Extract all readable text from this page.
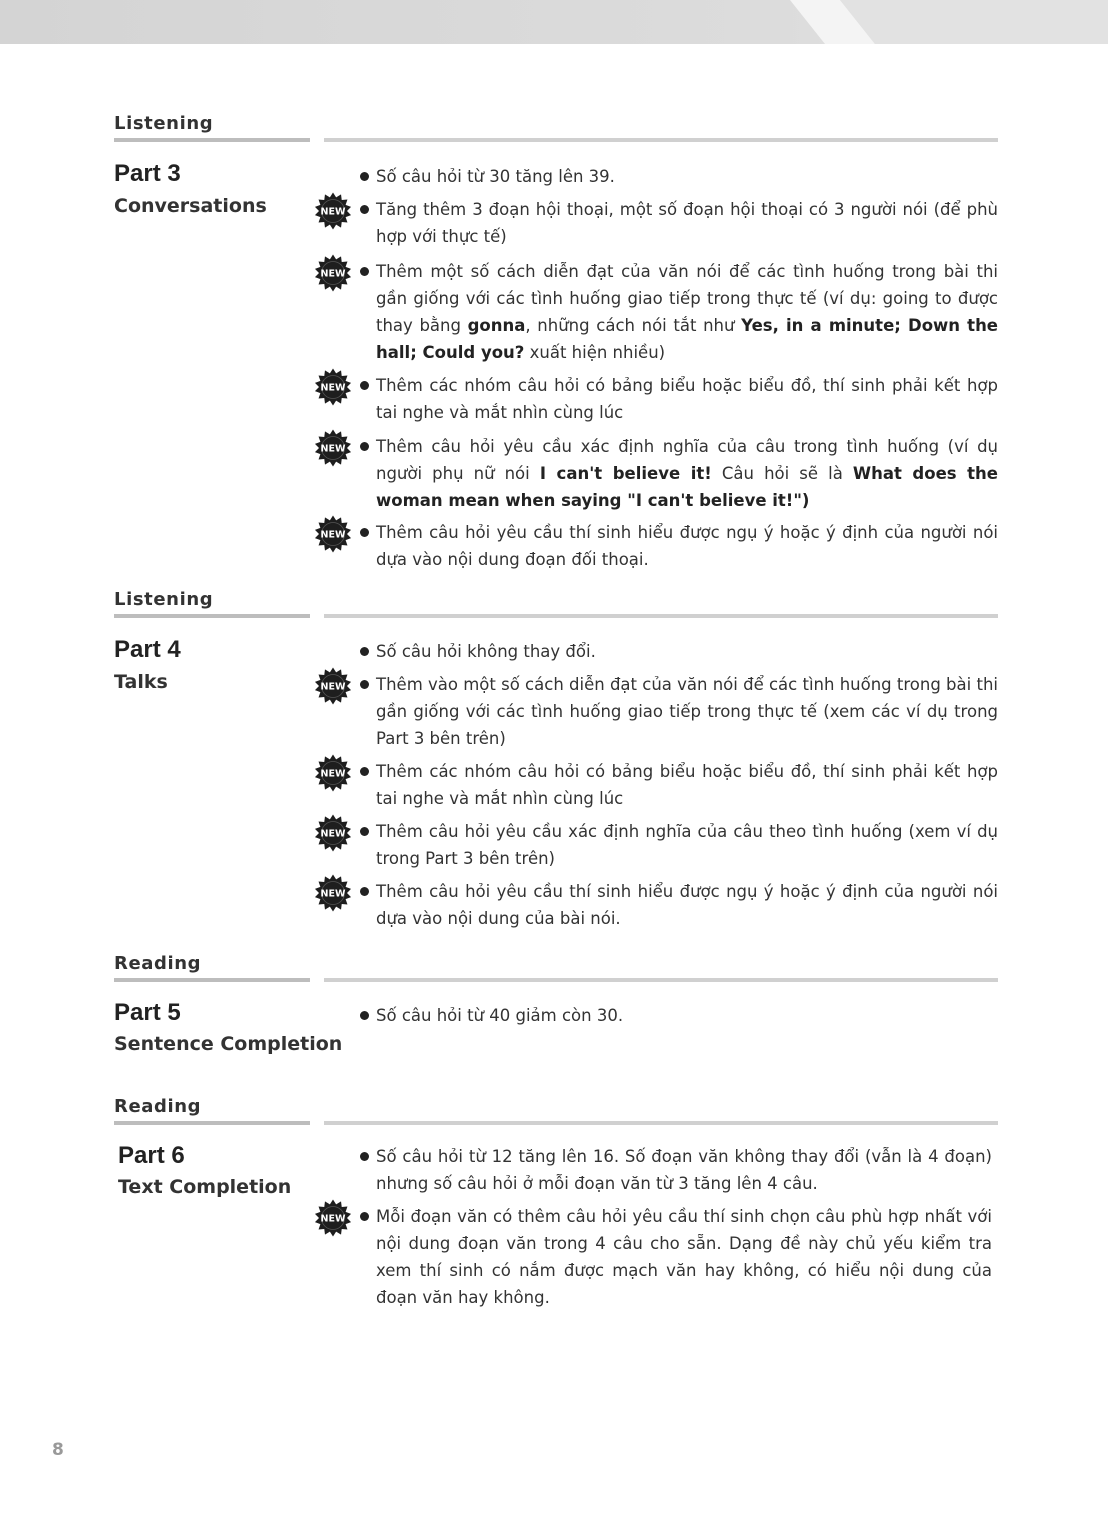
Listening
Part 3
Conversations
Số câu hỏi từ 30 tăng lên 39.
NEW Tăng thêm 3 đoạn hội thoại, một số đoạn hội thoại có 3 người nói (để phù hợp với thực tế)
NEW Thêm một số cách diễn đạt của văn nói để các tình huống trong bài thi gần giống với các tình huống giao tiếp trong thực tế (ví dụ: going to được thay bằng gonna, những cách nói tắt như Yes, in a minute; Down the hall; Could you? xuất hiện nhiều)
NEW Thêm các nhóm câu hỏi có bảng biểu hoặc biểu đồ, thí sinh phải kết hợp tai nghe và mắt nhìn cùng lúc
NEW Thêm câu hỏi yêu cầu xác định nghĩa của câu trong tình huống (ví dụ người phụ nữ nói I can't believe it! Câu hỏi sẽ là What does the woman mean when saying "I can't believe it!")
NEW Thêm câu hỏi yêu cầu thí sinh hiểu được ngụ ý hoặc ý định của người nói dựa vào nội dung đoạn đối thoại.
Listening
Part 4
Talks
Số câu hỏi không thay đổi.
NEW Thêm vào một số cách diễn đạt của văn nói để các tình huống trong bài thi gần giống với các tình huống giao tiếp trong thực tế (xem các ví dụ trong Part 3 bên trên)
NEW Thêm các nhóm câu hỏi có bảng biểu hoặc biểu đồ, thí sinh phải kết hợp tai nghe và mắt nhìn cùng lúc
NEW Thêm câu hỏi yêu cầu xác định nghĩa của câu theo tình huống (xem ví dụ trong Part 3 bên trên)
NEW Thêm câu hỏi yêu cầu thí sinh hiểu được ngụ ý hoặc ý định của người nói dựa vào nội dung của bài nói.
Reading
Part 5
Sentence Completion
Số câu hỏi từ 40 giảm còn 30.
Reading
Part 6
Text Completion
Số câu hỏi từ 12 tăng lên 16. Số đoạn văn không thay đổi (vẫn là 4 đoạn) nhưng số câu hỏi ở mỗi đoạn văn từ 3 tăng lên 4 câu.
NEW Mỗi đoạn văn có thêm câu hỏi yêu cầu thí sinh chọn câu phù hợp nhất với nội dung đoạn văn trong 4 câu cho sẵn. Dạng đề này chủ yếu kiểm tra xem thí sinh có nắm được mạch văn hay không, có hiểu nội dung của đoạn văn hay không.
8
